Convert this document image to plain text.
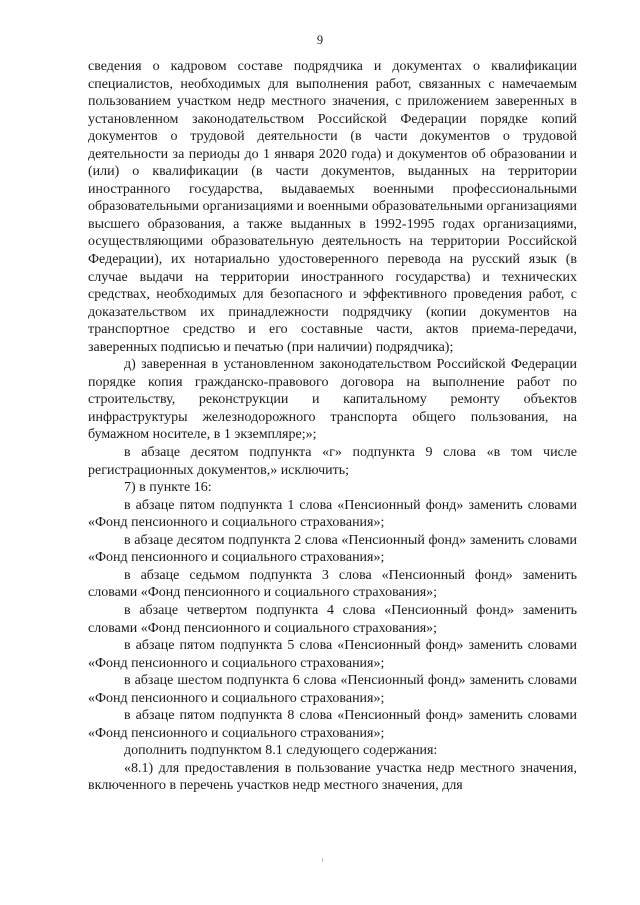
9

сведения о кадровом составе подрядчика и документах о квалификации специалистов, необходимых для выполнения работ, связанных с намечаемым пользованием участком недр местного значения, с приложением заверенных в установленном законодательством Российской Федерации порядке копий документов о трудовой деятельности (в части документов о трудовой деятельности за периоды до 1 января 2020 года) и документов об образовании и (или) о квалификации (в части документов, выданных на территории иностранного государства, выдаваемых военными профессиональными образовательными организациями и военными образовательными организациями высшего образования, а также выданных в 1992-1995 годах организациями, осуществляющими образовательную деятельность на территории Российской Федерации), их нотариально удостоверенного перевода на русский язык (в случае выдачи на территории иностранного государства) и технических средствах, необходимых для безопасного и эффективного проведения работ, с доказательством их принадлежности подрядчику (копии документов на транспортное средство и его составные части, актов приема-передачи, заверенных подписью и печатью (при наличии) подрядчика);

д) заверенная в установленном законодательством Российской Федерации порядке копия гражданско-правового договора на выполнение работ по строительству, реконструкции и капитальному ремонту объектов инфраструктуры железнодорожного транспорта общего пользования, на бумажном носителе, в 1 экземпляре;»;

в абзаце десятом подпункта «г» подпункта 9 слова «в том числе регистрационных документов,» исключить;

7) в пункте 16:

в абзаце пятом подпункта 1 слова «Пенсионный фонд» заменить словами «Фонд пенсионного и социального страхования»;

в абзаце десятом подпункта 2 слова «Пенсионный фонд» заменить словами «Фонд пенсионного и социального страхования»;

в абзаце седьмом подпункта 3 слова «Пенсионный фонд» заменить словами «Фонд пенсионного и социального страхования»;

в абзаце четвертом подпункта 4 слова «Пенсионный фонд» заменить словами «Фонд пенсионного и социального страхования»;

в абзаце пятом подпункта 5 слова «Пенсионный фонд» заменить словами «Фонд пенсионного и социального страхования»;

в абзаце шестом подпункта 6 слова «Пенсионный фонд» заменить словами «Фонд пенсионного и социального страхования»;

в абзаце пятом подпункта 8 слова «Пенсионный фонд» заменить словами «Фонд пенсионного и социального страхования»;

дополнить подпунктом 8.1 следующего содержания:

«8.1) для предоставления в пользование участка недр местного значения, включенного в перечень участков недр местного значения, для
